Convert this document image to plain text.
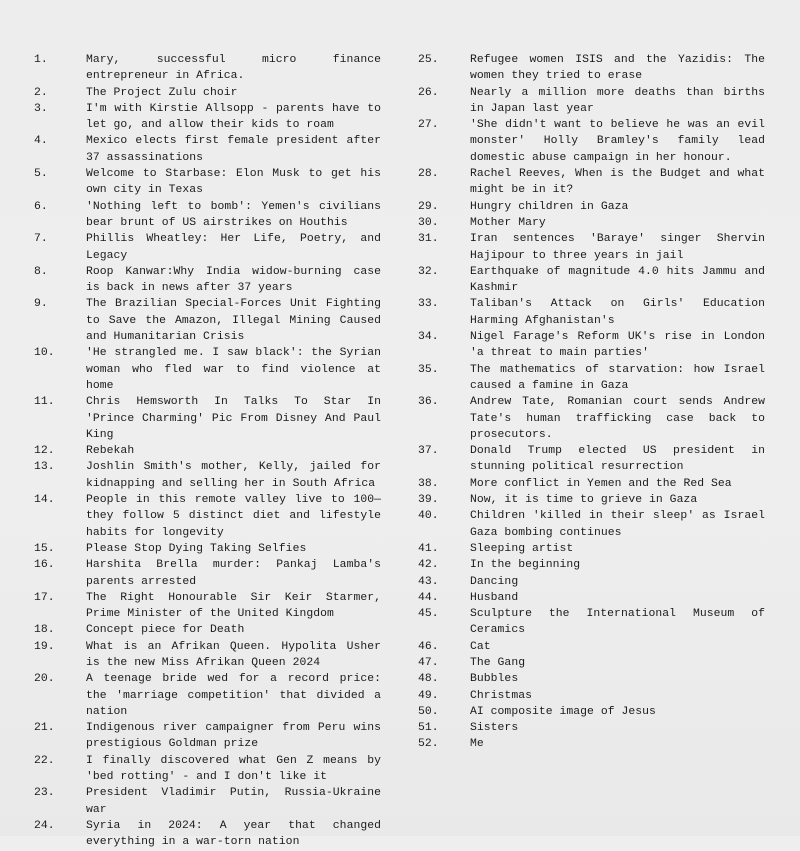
1.	Mary, successful micro finance entrepreneur in Africa.
2.	The Project Zulu choir
3.	I'm with Kirstie Allsopp - parents have to let go, and allow their kids to roam
4.	Mexico elects first female president after 37 assassinations
5.	Welcome to Starbase: Elon Musk to get his own city in Texas
6.	'Nothing left to bomb': Yemen's civilians bear brunt of US airstrikes on Houthis
7.	Phillis Wheatley: Her Life, Poetry, and Legacy
8.	Roop Kanwar:Why India widow-burning case is back in news after 37 years
9.	The Brazilian Special-Forces Unit Fighting to Save the Amazon, Illegal Mining Caused and Humanitarian Crisis
10.	'He strangled me. I saw black': the Syrian woman who fled war to find violence at home
11.	Chris Hemsworth In Talks To Star In 'Prince Charming' Pic From Disney And Paul King
12.	Rebekah
13.	Joshlin Smith's mother, Kelly, jailed for kidnapping and selling her in South Africa
14.	People in this remote valley live to 100—they follow 5 distinct diet and lifestyle habits for longevity
15.	Please Stop Dying Taking Selfies
16.	Harshita Brella murder: Pankaj Lamba's parents arrested
17.	The Right Honourable Sir Keir Starmer, Prime Minister of the United Kingdom
18.	Concept piece for Death
19.	What is an Afrikan Queen. Hypolita Usher is the new Miss Afrikan Queen 2024
20.	A teenage bride wed for a record price: the 'marriage competition' that divided a nation
21.	Indigenous river campaigner from Peru wins prestigious Goldman prize
22.	I finally discovered what Gen Z means by 'bed rotting' - and I don't like it
23.	President Vladimir Putin, Russia-Ukraine war
24.	Syria in 2024: A year that changed everything in a war-torn nation
25.	Refugee women ISIS and the Yazidis: The women they tried to erase
26.	Nearly a million more deaths than births in Japan last year
27.	'She didn't want to believe he was an evil monster' Holly Bramley's family lead domestic abuse campaign in her honour.
28.	Rachel Reeves, When is the Budget and what might be in it?
29.	Hungry children in Gaza
30.	Mother Mary
31.	Iran sentences 'Baraye' singer Shervin Hajipour to three years in jail
32.	Earthquake of magnitude 4.0 hits Jammu and Kashmir
33.	Taliban's Attack on Girls' Education Harming Afghanistan's
34.	Nigel Farage's Reform UK's rise in London 'a threat to main parties'
35.	The mathematics of starvation: how Israel caused a famine in Gaza
36.	Andrew Tate, Romanian court sends Andrew Tate's human trafficking case back to prosecutors.
37.	Donald Trump elected US president in stunning political resurrection
38.	More conflict in Yemen and the Red Sea
39.	Now, it is time to grieve in Gaza
40.	Children 'killed in their sleep' as Israel Gaza bombing continues
41.	Sleeping artist
42.	In the beginning
43.	Dancing
44.	Husband
45.	Sculpture the International Museum of Ceramics
46.	Cat
47.	The Gang
48.	Bubbles
49.	Christmas
50.	AI composite image of Jesus
51.	Sisters
52.	Me
